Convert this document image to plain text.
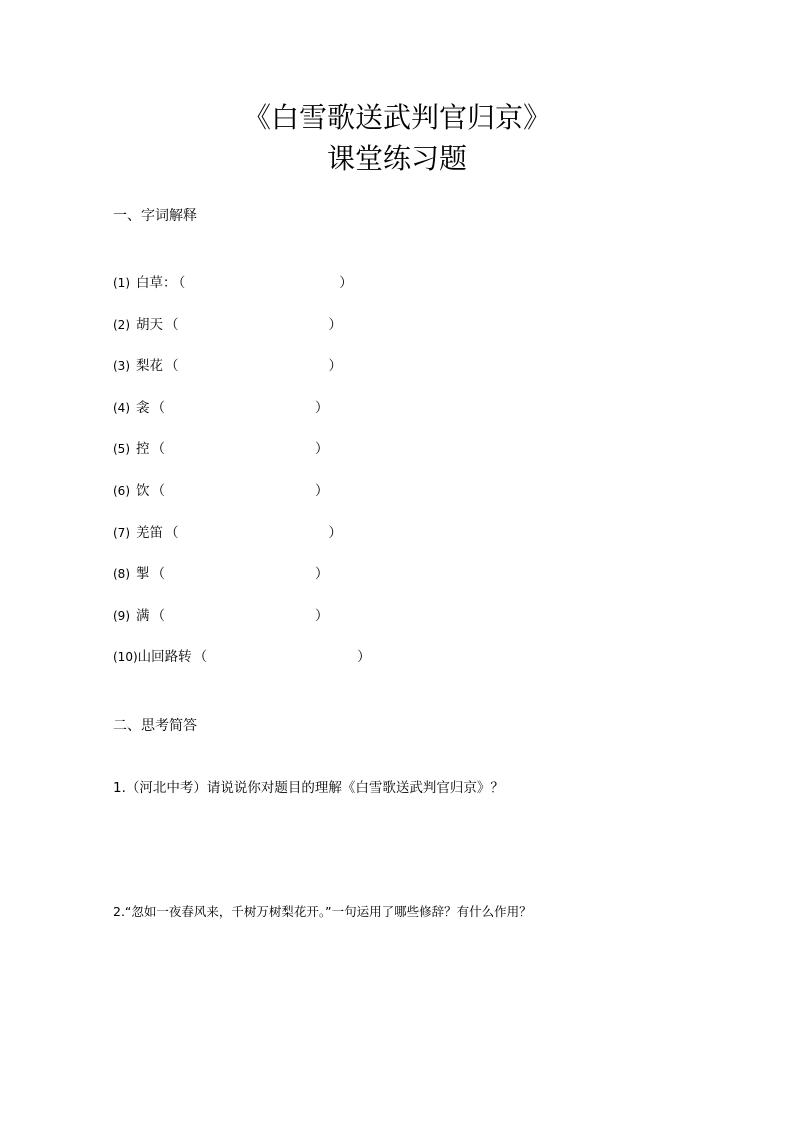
《白雪歌送武判官归京》
课堂练习题
一、字词解释
(1) 白草： （	）
(2) 胡天 （	）
(3) 梨花 （	）
(4) 衾 （	）
(5) 控 （	）
(6) 饮 （	）
(7) 羌笛 （	）
(8) 掣 （	）
(9) 满 （	）
(10)山回路转 （	）
二、思考简答
1.（河北中考）请说说你对题目的理解《白雪歌送武判官归京》？
2.“忽如一夜春风来，千树万树梨花开。”一句运用了哪些修辞？有什么作用？
